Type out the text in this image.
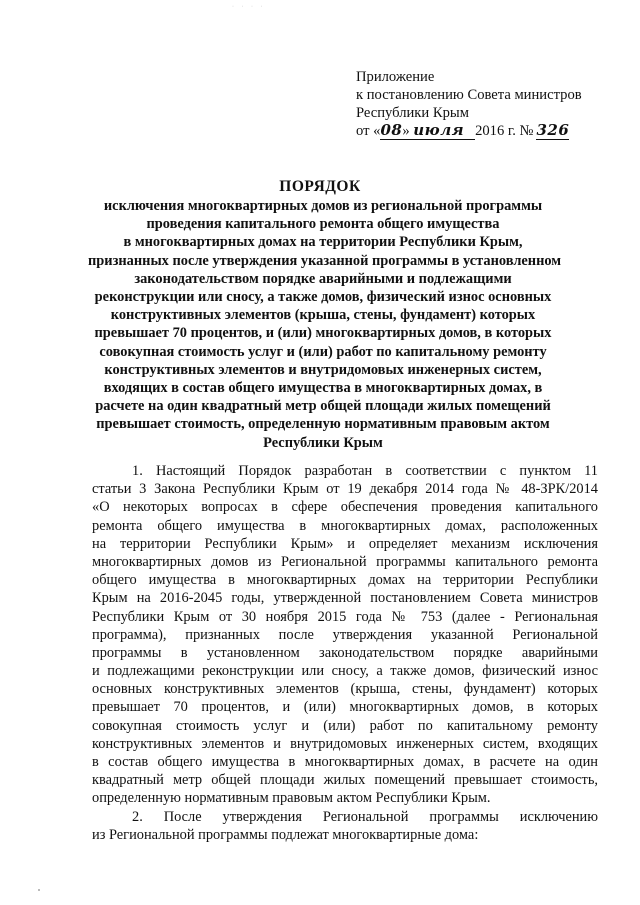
· · · ·
Приложение
к постановлению Совета министров
Республики Крым
от «08» июля 2016 г. № 326
ПОРЯДОК
исключения многоквартирных домов из региональной программы
проведения капитального ремонта общего имущества
в многоквартирных домах на территории Республики Крым,
признанных после утверждения указанной программы в установленном
законодательством порядке аварийными и подлежащими
реконструкции или сносу, а также домов, физический износ основных
конструктивных элементов (крыша, стены, фундамент) которых
превышает 70 процентов, и (или) многоквартирных домов, в которых
совокупная стоимость услуг и (или) работ по капитальному ремонту
конструктивных элементов и внутридомовых инженерных систем,
входящих в состав общего имущества в многоквартирных домах, в
расчете на один квадратный метр общей площади жилых помещений
превышает стоимость, определенную нормативным правовым актом
Республики Крым
1. Настоящий Порядок разработан в соответствии с пунктом 11
статьи 3 Закона Республики Крым от 19 декабря 2014 года № 48-ЗРК/2014
«О некоторых вопросах в сфере обеспечения проведения капитального
ремонта общего имущества в многоквартирных домах, расположенных
на территории Республики Крым» и определяет механизм исключения
многоквартирных домов из Региональной программы капитального ремонта
общего имущества в многоквартирных домах на территории Республики
Крым на 2016-2045 годы, утвержденной постановлением Совета министров
Республики Крым от 30 ноября 2015 года № 753 (далее - Региональная
программа), признанных после утверждения указанной Региональной
программы в установленном законодательством порядке аварийными
и подлежащими реконструкции или сносу, а также домов, физический износ
основных конструктивных элементов (крыша, стены, фундамент) которых
превышает 70 процентов, и (или) многоквартирных домов, в которых
совокупная стоимость услуг и (или) работ по капитальному ремонту
конструктивных элементов и внутридомовых инженерных систем, входящих
в состав общего имущества в многоквартирных домах, в расчете на один
квадратный метр общей площади жилых помещений превышает стоимость,
определенную нормативным правовым актом Республики Крым.
2. После утверждения Региональной программы исключению
из Региональной программы подлежат многоквартирные дома:
